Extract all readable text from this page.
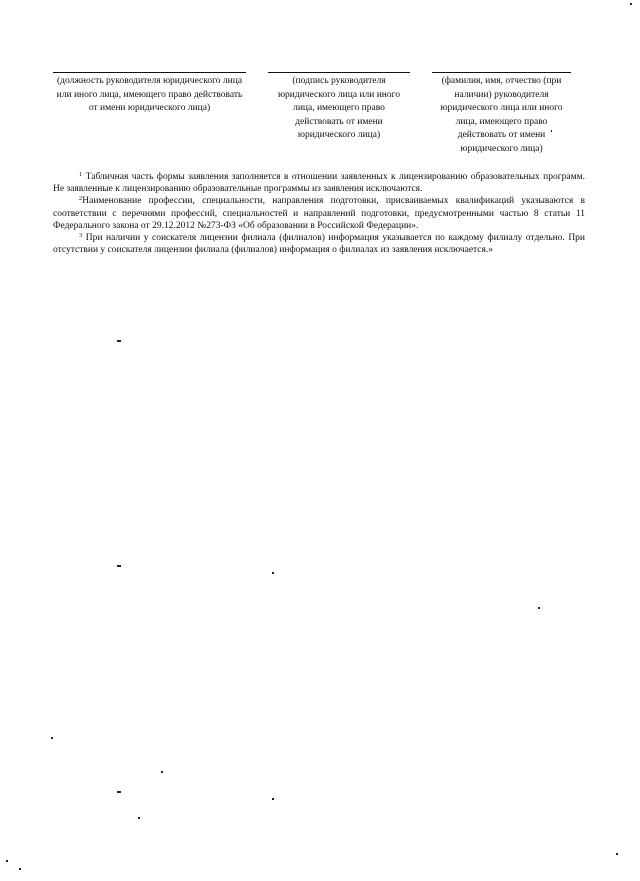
(должность руководителя юридического лица или иного лица, имеющего право действовать от имени юридического лица)
(подпись руководителя юридического лица или иного лица, имеющего право действовать от имени юридического лица)
(фамилия, имя, отчество (при наличии) руководителя юридического лица или иного лица, имеющего право действовать от имени юридического лица)

$^1$ Табличная часть формы заявления заполняется в отношении заявленных к лицензированию образовательных программ. Не заявленные к лицензированию образовательные программы из заявления исключаются.

$^2$Наименование профессии, специальности, направления подготовки, присваиваемых квалификаций указываются в соответствии с перечнями профессий, специальностей и направлений подготовки, предусмотренными частью 8 статьи 11 Федерального закона от 29.12.2012 №273-ФЗ «Об образовании в Российской Федерации».

$^3$ При наличии у соискателя лицензии филиала (филиалов) информация указывается по каждому филиалу отдельно. При отсутствии у соискателя лицензии филиала (филиалов) информация о филиалах из заявления исключается.»
